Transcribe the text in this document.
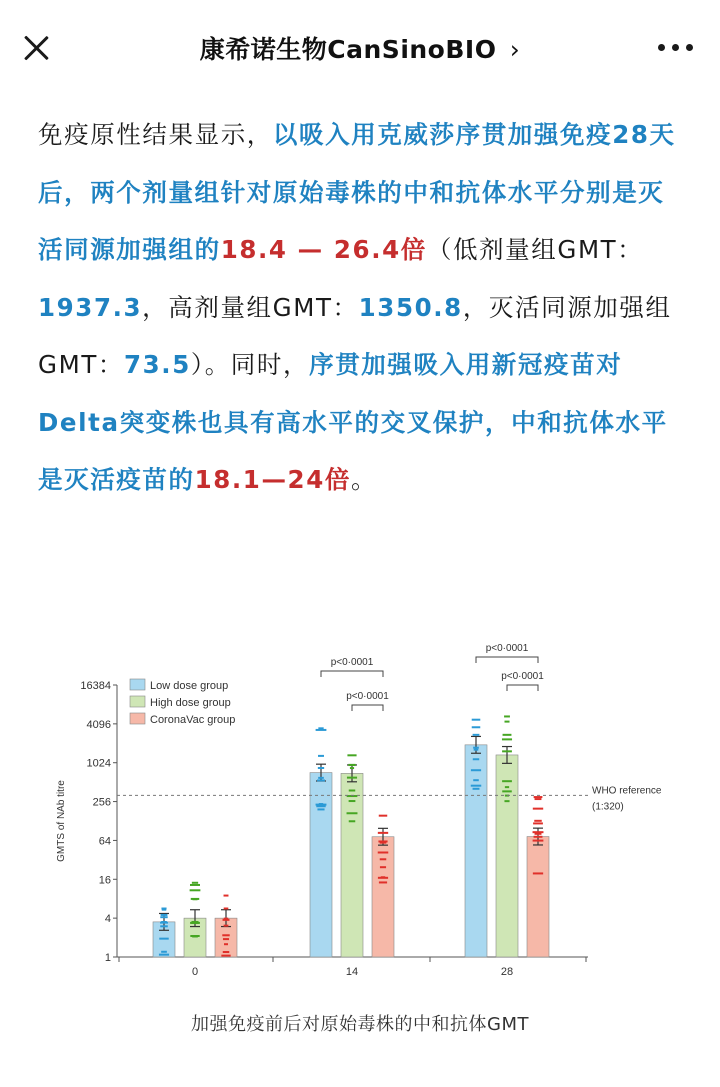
康希诺生物CanSinoBIO ›
免疫原性结果显示，以吸入用克威莎序贯加强免疫28天后，两个剂量组针对原始毒株的中和抗体水平分别是灭活同源加强组的18.4 — 26.4倍（低剂量组GMT：1937.3，高剂量组GMT：1350.8，灭活同源加强组GMT：73.5）。同时，序贯加强吸入用新冠疫苗对Delta突变株也具有高水平的交叉保护，中和抗体水平是灭活疫苗的18.1—24倍。
1
4
16
64
256
1024
4096
16384
GMTS of NAb titre
0	14	28
WHO reference
(1:320)
p<0·0001
p<0·0001
p<0·0001
p<0·0001
Low dose group
High dose group
CoronaVac group
加强免疫前后对原始毒株的中和抗体GMT
